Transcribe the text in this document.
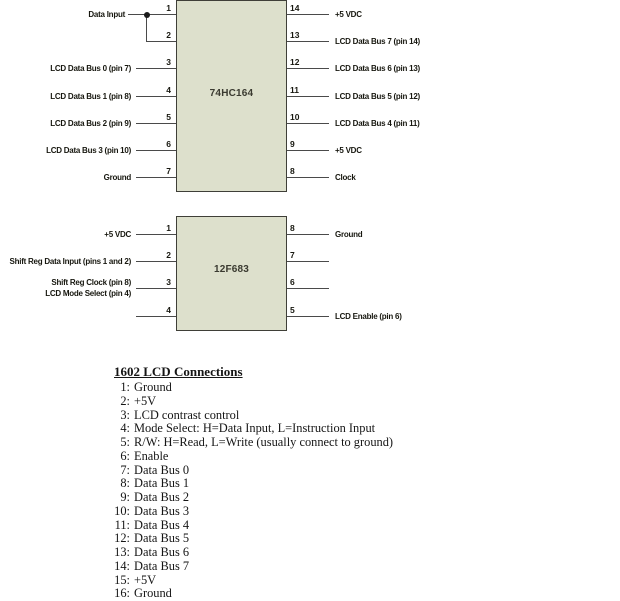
74HC164
1
Data Input
2
3
LCD Data Bus 0 (pin 7)
4
LCD Data Bus 1 (pin 8)
5
LCD Data Bus 2 (pin 9)
6
LCD Data Bus 3 (pin 10)
7
Ground
14
+5 VDC
13
LCD Data Bus 7 (pin 14)
12
LCD Data Bus 6 (pin 13)
11
LCD Data Bus 5 (pin 12)
10
LCD Data Bus 4 (pin 11)
9
+5 VDC
8
Clock
12F683
1
+5 VDC
2
Shift Reg Data Input (pins 1 and 2)
3
Shift Reg Clock (pin 8)
LCD Mode Select (pin 4)
4
8
Ground
7
6
5
LCD Enable (pin 6)
1602 LCD Connections
1: Ground
2: +5V
3: LCD contrast control
4: Mode Select: H=Data Input, L=Instruction Input
5: R/W: H=Read, L=Write (usually connect to ground)
6: Enable
7: Data Bus 0
8: Data Bus 1
9: Data Bus 2
10: Data Bus 3
11: Data Bus 4
12: Data Bus 5
13: Data Bus 6
14: Data Bus 7
15: +5V
16: Ground
